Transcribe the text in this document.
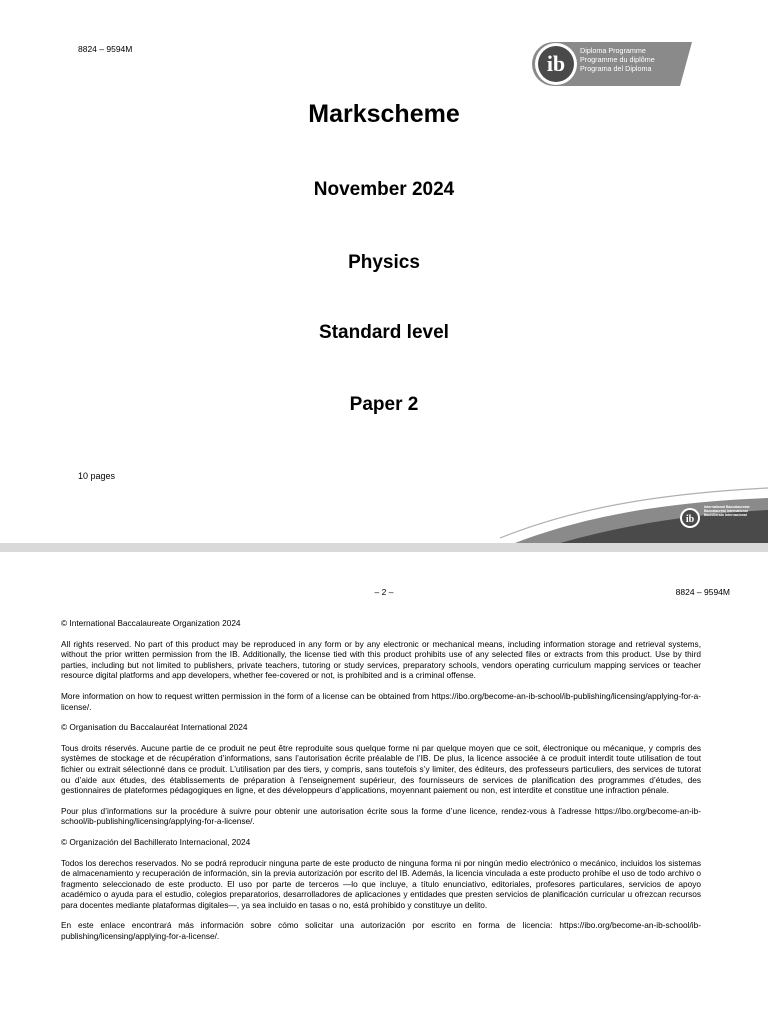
8824 – 9594M
ib
Diploma Programme
Programme du diplôme
Programa del Diploma
Markscheme
November 2024
Physics
Standard level
Paper 2
10 pages
ib
International Baccalaureate
Baccalauréat International
Bachillerato Internacional
– 2 –	8824 – 9594M

© International Baccalaureate Organization 2024

All rights reserved. No part of this product may be reproduced in any form or by any electronic or mechanical means, including information storage and retrieval systems, without the prior written permission from the IB. Additionally, the license tied with this product prohibits use of any selected files or extracts from this product. Use by third parties, including but not limited to publishers, private teachers, tutoring or study services, preparatory schools, vendors operating curriculum mapping services or teacher resource digital platforms and app developers, whether fee-covered or not, is prohibited and is a criminal offense.

More information on how to request written permission in the form of a license can be obtained from https://ibo.org/become-an-ib-school/ib-publishing/licensing/applying-for-a-license/.

© Organisation du Baccalauréat International 2024

Tous droits réservés. Aucune partie de ce produit ne peut être reproduite sous quelque forme ni par quelque moyen que ce soit, électronique ou mécanique, y compris des systèmes de stockage et de récupération d’informations, sans l’autorisation écrite préalable de l’IB. De plus, la licence associée à ce produit interdit toute utilisation de tout fichier ou extrait sélectionné dans ce produit. L’utilisation par des tiers, y compris, sans toutefois s’y limiter, des éditeurs, des professeurs particuliers, des services de tutorat ou d’aide aux études, des établissements de préparation à l’enseignement supérieur, des fournisseurs de services de planification des programmes d’études, des gestionnaires de plateformes pédagogiques en ligne, et des développeurs d’applications, moyennant paiement ou non, est interdite et constitue une infraction pénale.

Pour plus d’informations sur la procédure à suivre pour obtenir une autorisation écrite sous la forme d’une licence, rendez-vous à l’adresse https://ibo.org/become-an-ib-school/ib-publishing/licensing/applying-for-a-license/.

© Organización del Bachillerato Internacional, 2024

Todos los derechos reservados. No se podrá reproducir ninguna parte de este producto de ninguna forma ni por ningún medio electrónico o mecánico, incluidos los sistemas de almacenamiento y recuperación de información, sin la previa autorización por escrito del IB. Además, la licencia vinculada a este producto prohíbe el uso de todo archivo o fragmento seleccionado de este producto. El uso por parte de terceros —lo que incluye, a título enunciativo, editoriales, profesores particulares, servicios de apoyo académico o ayuda para el estudio, colegios preparatorios, desarrolladores de aplicaciones y entidades que presten servicios de planificación curricular u ofrezcan recursos para docentes mediante plataformas digitales—, ya sea incluido en tasas o no, está prohibido y constituye un delito.

En este enlace encontrará más información sobre cómo solicitar una autorización por escrito en forma de licencia: https://ibo.org/become-an-ib-school/ib-publishing/licensing/applying-for-a-license/.
